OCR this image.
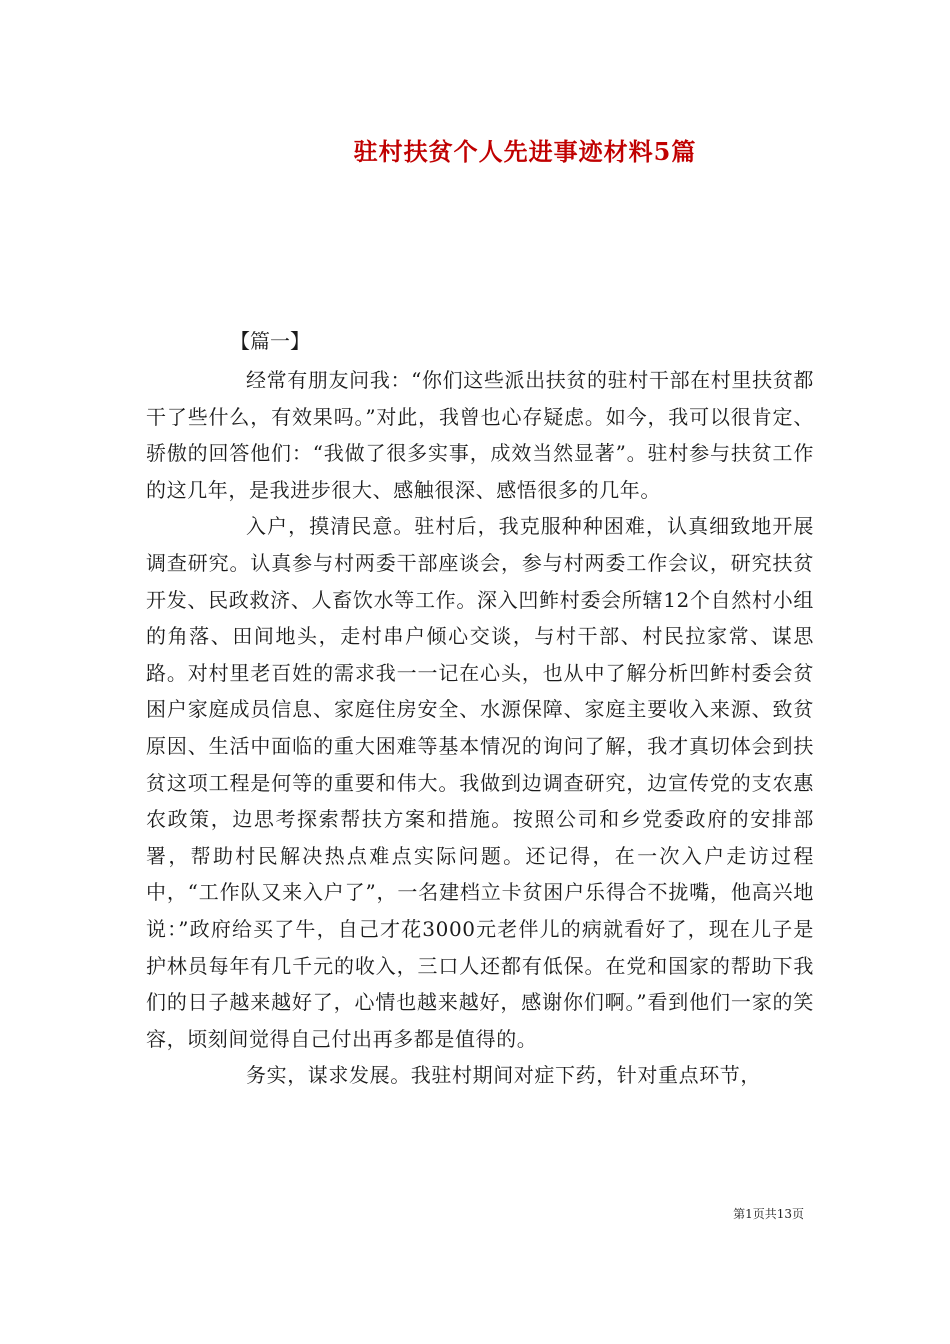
驻村扶贫个人先进事迹材料5篇
【篇一】

经常有朋友问我：“你们这些派出扶贫的驻村干部在村里扶贫都干了些什么，有效果吗。”对此，我曾也心存疑虑。如今，我可以很肯定、骄傲的回答他们：“我做了很多实事，成效当然显著”。驻村参与扶贫工作的这几年，是我进步很大、感触很深、感悟很多的几年。

入户，摸清民意。驻村后，我克服种种困难，认真细致地开展调查研究。认真参与村两委干部座谈会，参与村两委工作会议，研究扶贫开发、民政救济、人畜饮水等工作。深入凹鲊村委会所辖12个自然村小组的角落、田间地头，走村串户倾心交谈，与村干部、村民拉家常、谋思路。对村里老百姓的需求我一一记在心头，也从中了解分析凹鲊村委会贫困户家庭成员信息、家庭住房安全、水源保障、家庭主要收入来源、致贫原因、生活中面临的重大困难等基本情况的询问了解，我才真切体会到扶贫这项工程是何等的重要和伟大。我做到边调查研究，边宣传党的支农惠农政策，边思考探索帮扶方案和措施。按照公司和乡党委政府的安排部署，帮助村民解决热点难点实际问题。还记得，在一次入户走访过程中，“工作队又来入户了”，一名建档立卡贫困户乐得合不拢嘴，他高兴地说：”政府给买了牛，自己才花3000元老伴儿的病就看好了，现在儿子是护林员每年有几千元的收入，三口人还都有低保。在党和国家的帮助下我们的日子越来越好了，心情也越来越好，感谢你们啊。”看到他们一家的笑容，顷刻间觉得自己付出再多都是值得的。

务实，谋求发展。我驻村期间对症下药，针对重点环节，

第1页共13页
